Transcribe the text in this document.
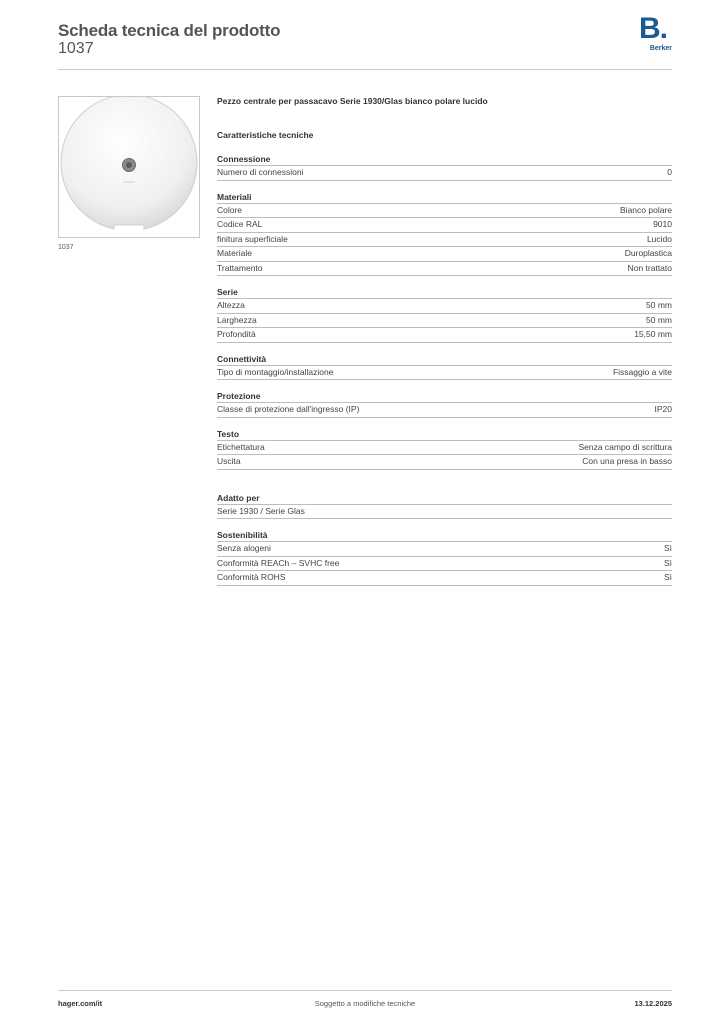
Scheda tecnica del prodotto
1037
B.
Berker
1037
Pezzo centrale per passacavo Serie 1930/Glas bianco polare lucido
Caratteristiche tecniche
Connessione
Numero di connessioni	0
Materiali
Colore	Bianco polare
Codice RAL	9010
finitura superficiale	Lucido
Materiale	Duroplastica
Trattamento	Non trattato
Serie
Altezza	50 mm
Larghezza	50 mm
Profondità	15,50 mm
Connettività
Tipo di montaggio/installazione	Fissaggio a vite
Protezione
Classe di protezione dall'ingresso (IP)	IP20
Testo
Etichettatura	Senza campo di scrittura
Uscita	Con una presa in basso
Adatto per
Serie 1930 / Serie Glas
Sostenibilità
Senza alogeni	Sì
Conformità REACh – SVHC free	Sì
Conformità ROHS	Sì
hager.com/it	Soggetto a modifiche tecniche	13.12.2025
